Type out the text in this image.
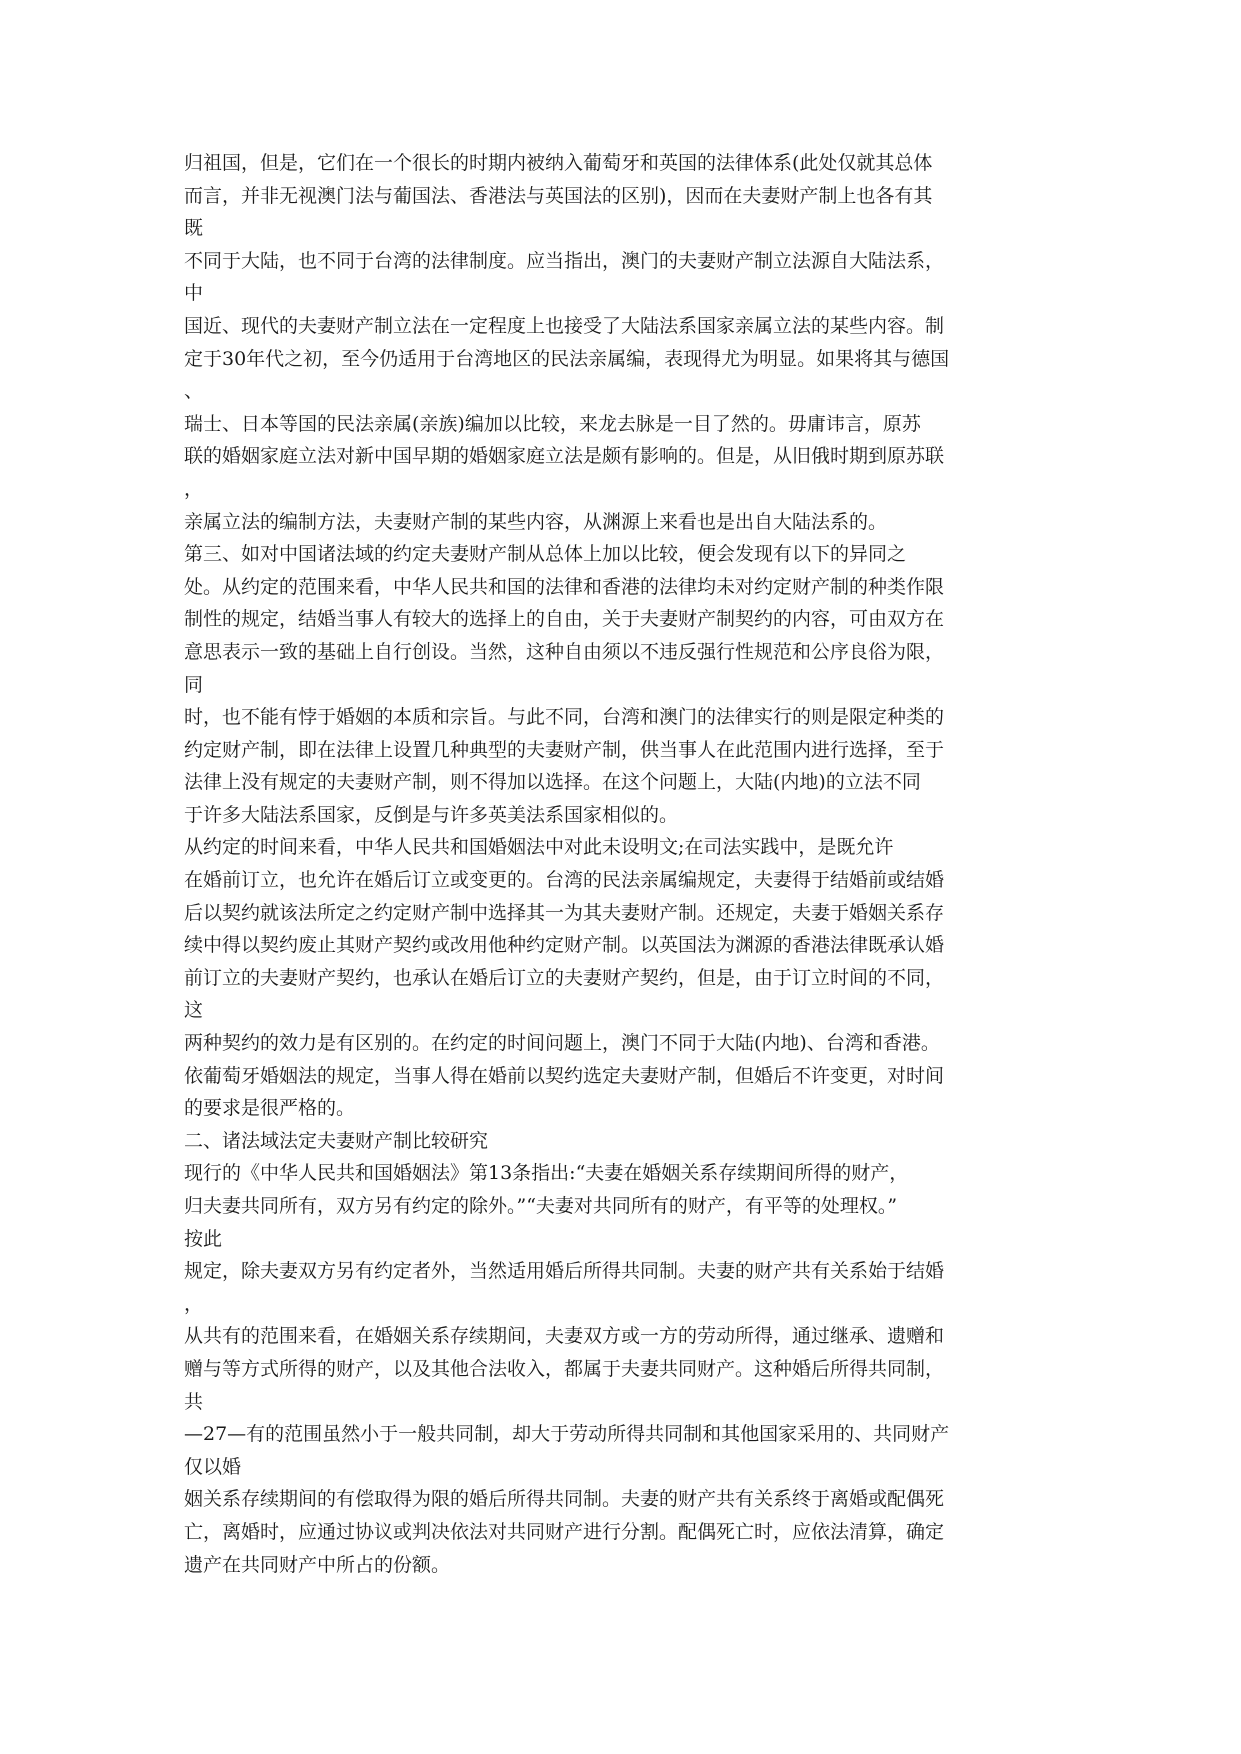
归祖国，但是，它们在一个很长的时期内被纳入葡萄牙和英国的法律体系(此处仅就其总体
而言，并非无视澳门法与葡国法、香港法与英国法的区别)，因而在夫妻财产制上也各有其
既
不同于大陆，也不同于台湾的法律制度。应当指出，澳门的夫妻财产制立法源自大陆法系，
中
国近、现代的夫妻财产制立法在一定程度上也接受了大陆法系国家亲属立法的某些内容。制
定于30年代之初，至今仍适用于台湾地区的民法亲属编，表现得尤为明显。如果将其与德国
、
瑞士、日本等国的民法亲属(亲族)编加以比较，来龙去脉是一目了然的。毋庸讳言，原苏
联的婚姻家庭立法对新中国早期的婚姻家庭立法是颇有影响的。但是，从旧俄时期到原苏联
，
亲属立法的编制方法，夫妻财产制的某些内容，从渊源上来看也是出自大陆法系的。
第三、如对中国诸法域的约定夫妻财产制从总体上加以比较，便会发现有以下的异同之
处。从约定的范围来看，中华人民共和国的法律和香港的法律均未对约定财产制的种类作限
制性的规定，结婚当事人有较大的选择上的自由，关于夫妻财产制契约的内容，可由双方在
意思表示一致的基础上自行创设。当然，这种自由须以不违反强行性规范和公序良俗为限，
同
时，也不能有悖于婚姻的本质和宗旨。与此不同，台湾和澳门的法律实行的则是限定种类的
约定财产制，即在法律上设置几种典型的夫妻财产制，供当事人在此范围内进行选择，至于
法律上没有规定的夫妻财产制，则不得加以选择。在这个问题上，大陆(内地)的立法不同
于许多大陆法系国家，反倒是与许多英美法系国家相似的。
从约定的时间来看，中华人民共和国婚姻法中对此未设明文;在司法实践中，是既允许
在婚前订立，也允许在婚后订立或变更的。台湾的民法亲属编规定，夫妻得于结婚前或结婚
后以契约就该法所定之约定财产制中选择其一为其夫妻财产制。还规定，夫妻于婚姻关系存
续中得以契约废止其财产契约或改用他种约定财产制。以英国法为渊源的香港法律既承认婚
前订立的夫妻财产契约，也承认在婚后订立的夫妻财产契约，但是，由于订立时间的不同，
这
两种契约的效力是有区别的。在约定的时间问题上，澳门不同于大陆(内地)、台湾和香港。
依葡萄牙婚姻法的规定，当事人得在婚前以契约选定夫妻财产制，但婚后不许变更，对时间
的要求是很严格的。
二、诸法域法定夫妻财产制比较研究
现行的《中华人民共和国婚姻法》第13条指出:“夫妻在婚姻关系存续期间所得的财产，
归夫妻共同所有，双方另有约定的除外。”“夫妻对共同所有的财产，有平等的处理权。”
按此
规定，除夫妻双方另有约定者外，当然适用婚后所得共同制。夫妻的财产共有关系始于结婚
，
从共有的范围来看，在婚姻关系存续期间，夫妻双方或一方的劳动所得，通过继承、遗赠和
赠与等方式所得的财产，以及其他合法收入，都属于夫妻共同财产。这种婚后所得共同制，
共
—27—有的范围虽然小于一般共同制，却大于劳动所得共同制和其他国家采用的、共同财产
仅以婚
姻关系存续期间的有偿取得为限的婚后所得共同制。夫妻的财产共有关系终于离婚或配偶死
亡，离婚时，应通过协议或判决依法对共同财产进行分割。配偶死亡时，应依法清算，确定
遗产在共同财产中所占的份额。
